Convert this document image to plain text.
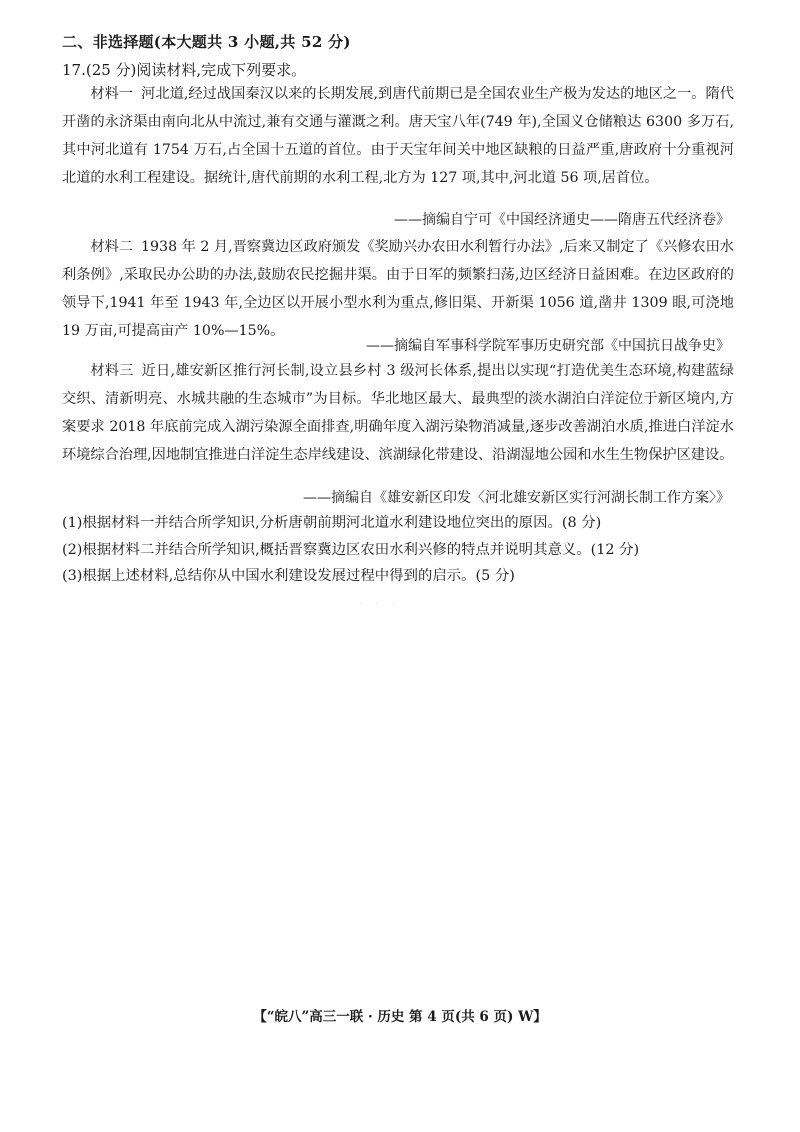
二、非选择题(本大题共 3 小题,共 52 分)
17.(25 分)阅读材料,完成下列要求。

材料一 河北道,经过战国秦汉以来的长期发展,到唐代前期已是全国农业生产极为发达的地区之一。隋代开凿的永济渠由南向北从中流过,兼有交通与灌溉之利。唐天宝八年(749 年),全国义仓储粮达 6300 多万石,其中河北道有 1754 万石,占全国十五道的首位。由于天宝年间关中地区缺粮的日益严重,唐政府十分重视河北道的水利工程建设。据统计,唐代前期的水利工程,北方为 127 项,其中,河北道 56 项,居首位。

——摘编自宁可《中国经济通史——隋唐五代经济卷》

材料二 1938 年 2 月,晋察冀边区政府颁发《奖励兴办农田水利暂行办法》,后来又制定了《兴修农田水利条例》,采取民办公助的办法,鼓励农民挖掘井渠。由于日军的频繁扫荡,边区经济日益困难。在边区政府的领导下,1941 年至 1943 年,全边区以开展小型水利为重点,修旧渠、开新渠 1056 道,凿井 1309 眼,可浇地 19 万亩,可提高亩产 10%—15%。

——摘编自军事科学院军事历史研究部《中国抗日战争史》

材料三 近日,雄安新区推行河长制,设立县乡村 3 级河长体系,提出以实现“打造优美生态环境,构建蓝绿交织、清新明亮、水城共融的生态城市”为目标。华北地区最大、最典型的淡水湖泊白洋淀位于新区境内,方案要求 2018 年底前完成入湖污染源全面排查,明确年度入湖污染物消减量,逐步改善湖泊水质,推进白洋淀水环境综合治理,因地制宜推进白洋淀生态岸线建设、滨湖绿化带建设、沿湖湿地公园和水生生物保护区建设。

——摘编自《雄安新区印发〈河北雄安新区实行河湖长制工作方案〉》
(1)根据材料一并结合所学知识,分析唐朝前期河北道水利建设地位突出的原因。(8 分)
(2)根据材料二并结合所学知识,概括晋察冀边区农田水利兴修的特点并说明其意义。(12 分)
(3)根据上述材料,总结你从中国水利建设发展过程中得到的启示。(5 分)
· · ·
【“皖八”高三一联 · 历史 第 4 页(共 6 页) W】
